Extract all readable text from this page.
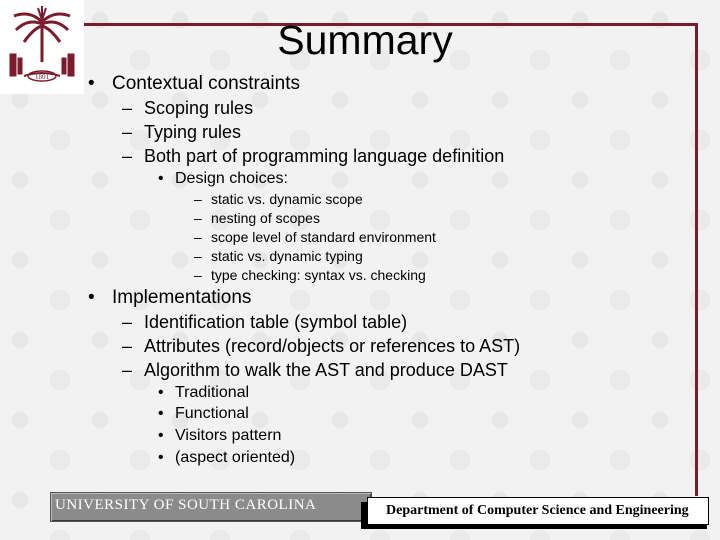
1801
Summary
• Contextual constraints
– Scoping rules
– Typing rules
– Both part of programming language definition
• Design choices:
– static vs. dynamic scope
– nesting of scopes
– scope level of standard environment
– static vs. dynamic typing
– type checking: syntax vs. checking
• Implementations
– Identification table (symbol table)
– Attributes (record/objects or references to AST)
– Algorithm to walk the AST and produce DAST
• Traditional
• Functional
• Visitors pattern
• (aspect oriented)
UNIVERSITY OF SOUTH CAROLINA	Department of Computer Science and Engineering
